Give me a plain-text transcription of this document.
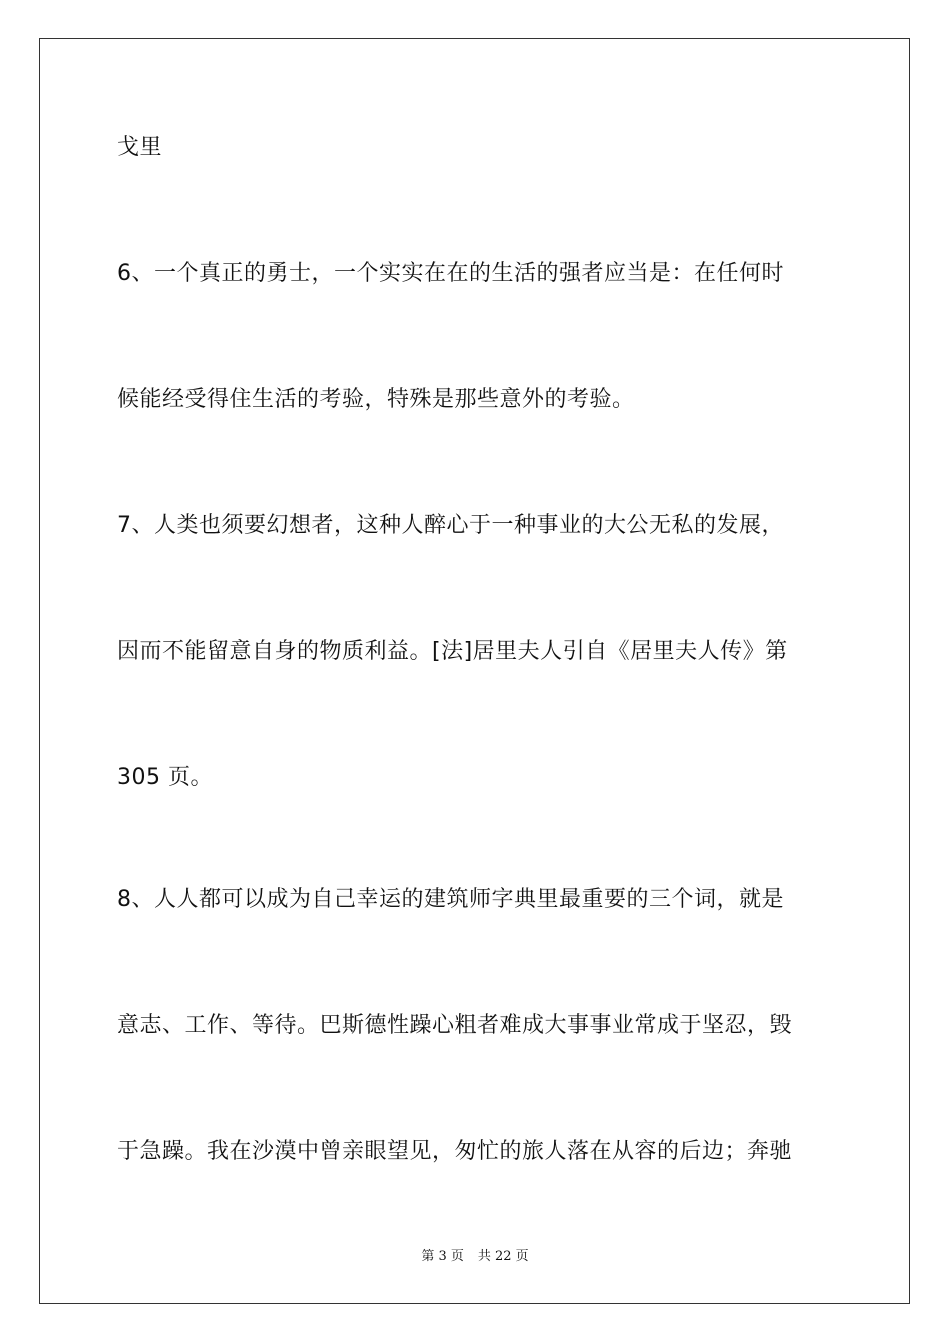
戈里
6、一个真正的勇士，一个实实在在的生活的强者应当是：在任何时
候能经受得住生活的考验，特殊是那些意外的考验。
7、人类也须要幻想者，这种人醉心于一种事业的大公无私的发展，
因而不能留意自身的物质利益。[法]居里夫人引自《居里夫人传》第
305 页。
8、人人都可以成为自己幸运的建筑师字典里最重要的三个词，就是
意志、工作、等待。巴斯德性躁心粗者难成大事事业常成于坚忍，毁
于急躁。我在沙漠中曾亲眼望见，匆忙的旅人落在从容的后边；奔驰
第 3 页 共 22 页
